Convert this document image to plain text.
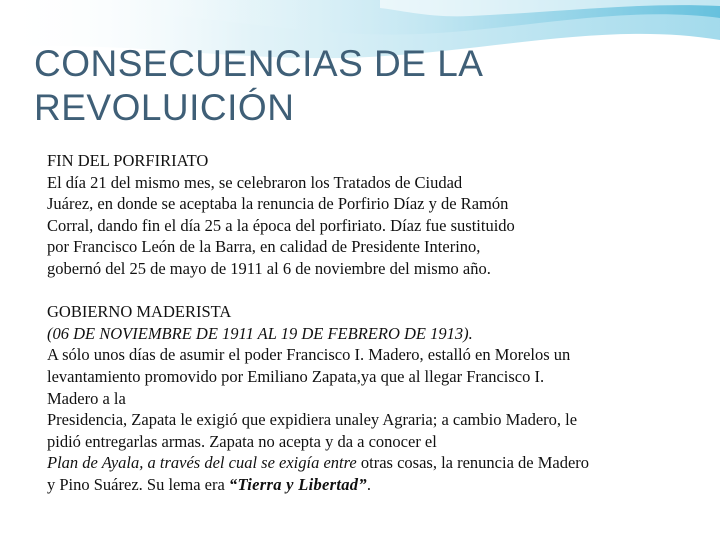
CONSECUENCIAS DE LA
REVOLUICIÓN

FIN DEL PORFIRIATO

El día 21 del mismo mes, se celebraron los Tratados de Ciudad

Juárez, en donde se aceptaba la renuncia de Porfirio Díaz y de Ramón

Corral, dando fin el día 25 a la época del porfiriato. Díaz fue sustituido

por Francisco León de la Barra, en calidad de Presidente Interino,

gobernó del 25 de mayo de 1911 al 6 de noviembre del mismo año.

GOBIERNO MADERISTA

(06 DE NOVIEMBRE DE 1911 AL 19 DE FEBRERO DE 1913).

A sólo unos días de asumir el poder Francisco I. Madero, estalló en Morelos un

levantamiento promovido por Emiliano Zapata,ya que al llegar Francisco I.

Madero a la

Presidencia, Zapata le exigió que expidiera unaley Agraria; a cambio Madero, le

pidió entregarlas armas. Zapata no acepta y da a conocer el

Plan de Ayala, a través del cual se exigía entre otras cosas, la renuncia de Madero

y Pino Suárez. Su lema era “Tierra y Libertad”.
